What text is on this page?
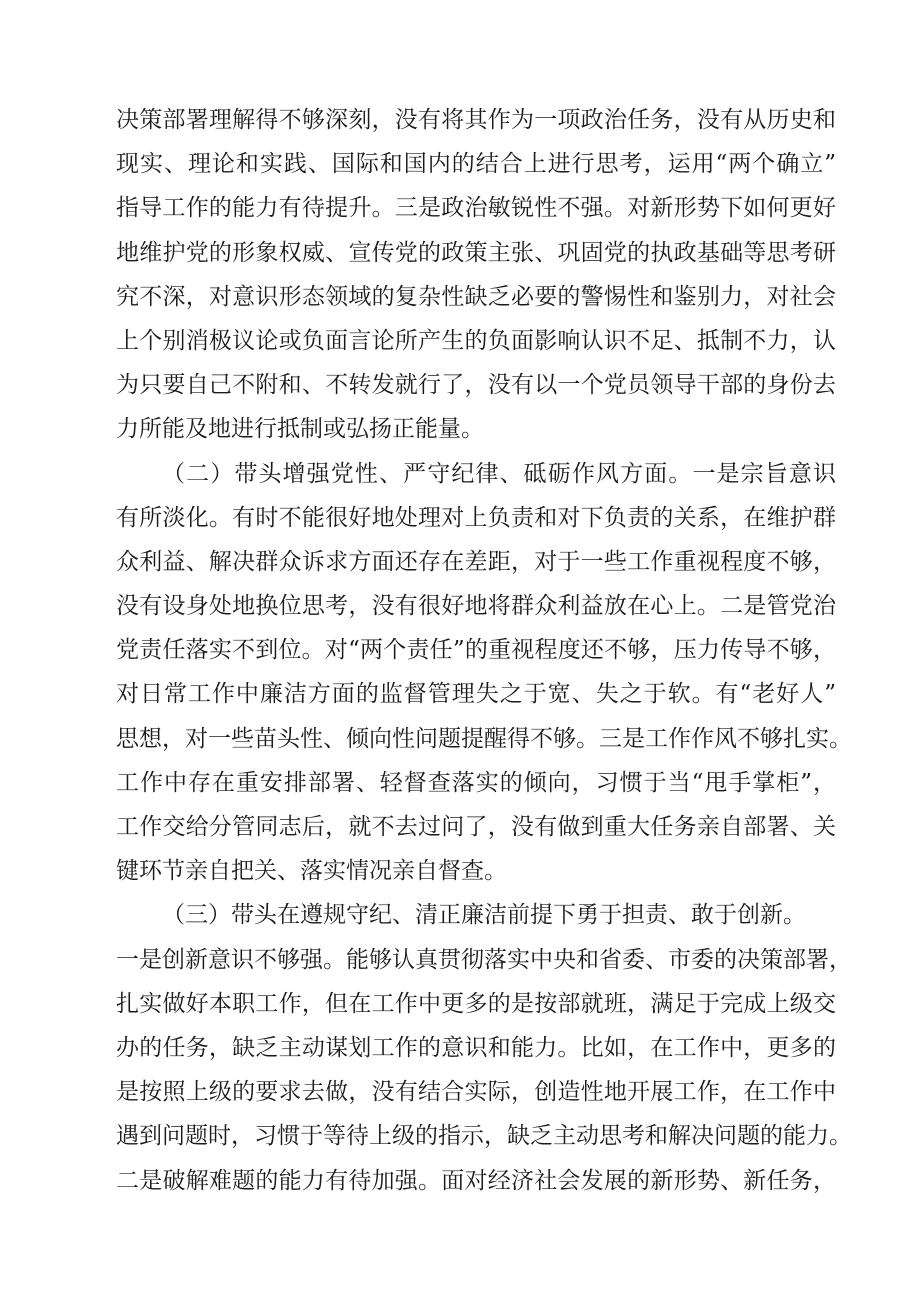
决策部署理解得不够深刻，没有将其作为一项政治任务，没有从历史和
现实、理论和实践、国际和国内的结合上进行思考，运用“两个确立”
指导工作的能力有待提升。三是政治敏锐性不强。对新形势下如何更好
地维护党的形象权威、宣传党的政策主张、巩固党的执政基础等思考研
究不深，对意识形态领域的复杂性缺乏必要的警惕性和鉴别力，对社会
上个别消极议论或负面言论所产生的负面影响认识不足、抵制不力，认
为只要自己不附和、不转发就行了，没有以一个党员领导干部的身份去
力所能及地进行抵制或弘扬正能量。
（二）带头增强党性、严守纪律、砥砺作风方面。一是宗旨意识
有所淡化。有时不能很好地处理对上负责和对下负责的关系，在维护群
众利益、解决群众诉求方面还存在差距，对于一些工作重视程度不够，
没有设身处地换位思考，没有很好地将群众利益放在心上。二是管党治
党责任落实不到位。对“两个责任”的重视程度还不够，压力传导不够，
对日常工作中廉洁方面的监督管理失之于宽、失之于软。有“老好人”
思想，对一些苗头性、倾向性问题提醒得不够。三是工作作风不够扎实。
工作中存在重安排部署、轻督查落实的倾向，习惯于当“甩手掌柜”，
工作交给分管同志后，就不去过问了，没有做到重大任务亲自部署、关
键环节亲自把关、落实情况亲自督查。
（三）带头在遵规守纪、清正廉洁前提下勇于担责、敢于创新。
一是创新意识不够强。能够认真贯彻落实中央和省委、市委的决策部署，
扎实做好本职工作，但在工作中更多的是按部就班，满足于完成上级交
办的任务，缺乏主动谋划工作的意识和能力。比如，在工作中，更多的
是按照上级的要求去做，没有结合实际，创造性地开展工作，在工作中
遇到问题时，习惯于等待上级的指示，缺乏主动思考和解决问题的能力。
二是破解难题的能力有待加强。面对经济社会发展的新形势、新任务，
